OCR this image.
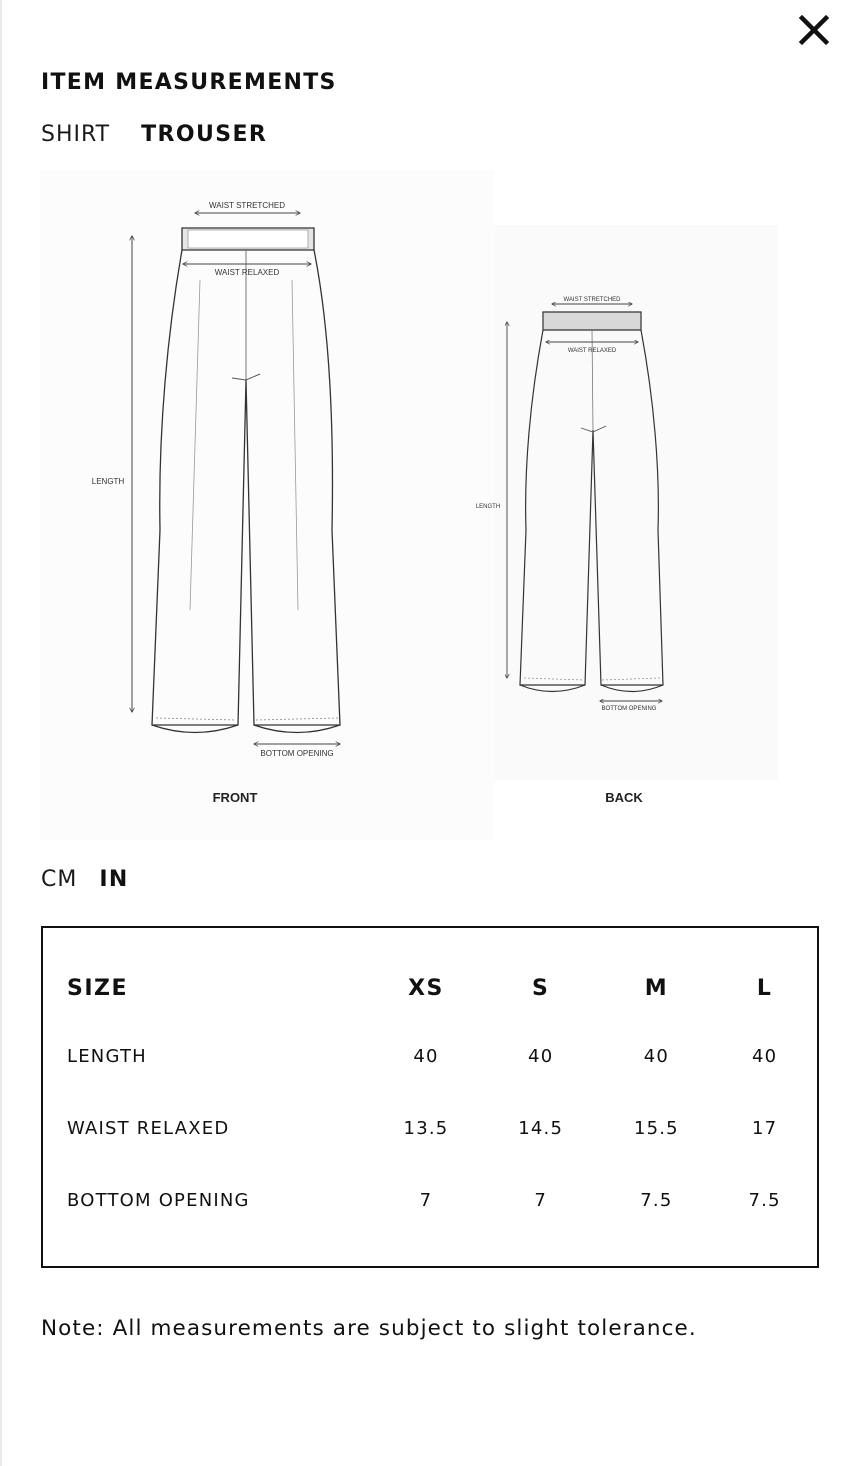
ITEM MEASUREMENTS
SHIRT TROUSER
WAIST STRETCHED
WAIST RELAXED
LENGTH
BOTTOM OPENING
FRONT
WAIST STRETCHED
WAIST RELAXED
LENGTH
BOTTOM OPENING
BACK
CM IN
SIZE	XS	S	M	L
LENGTH	40	40	40	40
WAIST RELAXED	13.5	14.5	15.5	17
BOTTOM OPENING	7	7	7.5	7.5

Note: All measurements are subject to slight tolerance.
